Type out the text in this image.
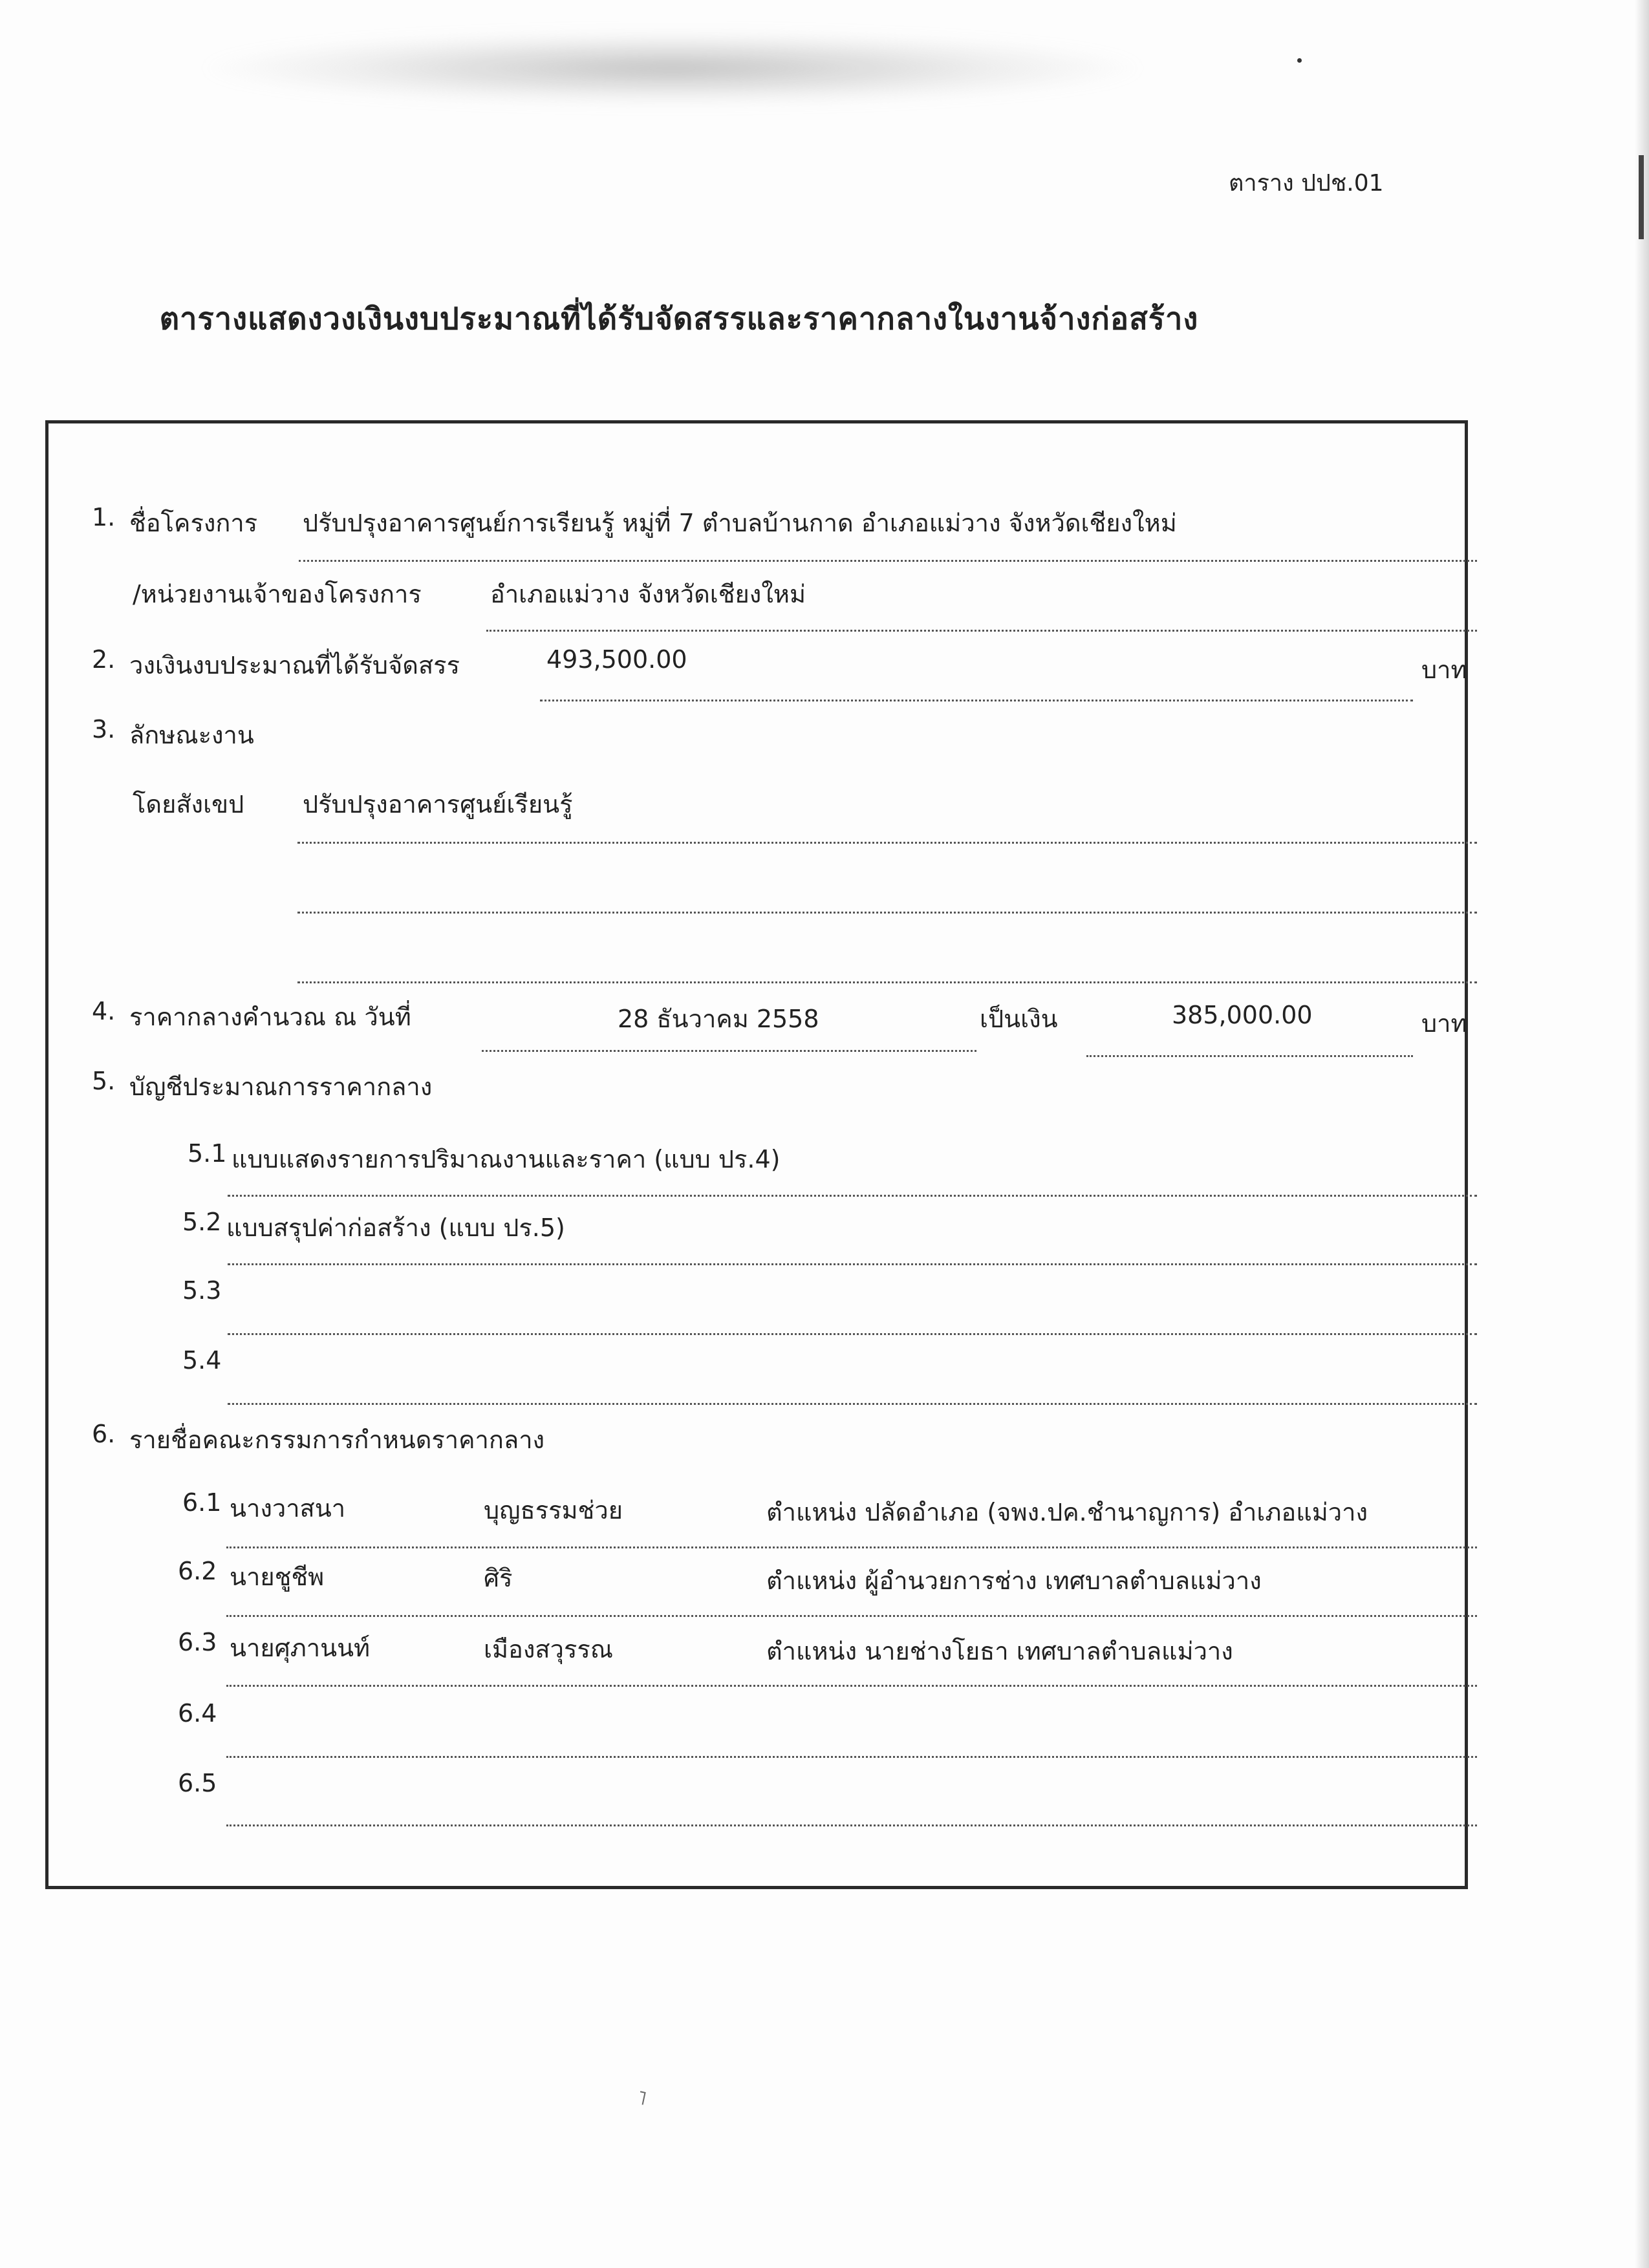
˥
ตาราง ปปช.01
ตารางแสดงวงเงินงบประมาณที่ได้รับจัดสรรและราคากลางในงานจ้างก่อสร้าง
1. ชื่อโครงการ ปรับปรุงอาคารศูนย์การเรียนรู้ หมู่ที่ 7 ตำบลบ้านกาด อำเภอแม่วาง จังหวัดเชียงใหม่
/หน่วยงานเจ้าของโครงการ	อำเภอแม่วาง จังหวัดเชียงใหม่
2. วงเงินงบประมาณที่ได้รับจัดสรร	493,500.00	บาท
3. ลักษณะงาน
โดยสังเขป ปรับปรุงอาคารศูนย์เรียนรู้
4. ราคากลางคำนวณ ณ วันที่	28 ธันวาคม 2558	เป็นเงิน	385,000.00	บาท
5. บัญชีประมาณการราคากลาง
5.1 แบบแสดงรายการปริมาณงานและราคา (แบบ ปร.4)
5.2 แบบสรุปค่าก่อสร้าง (แบบ ปร.5)
5.3
5.4
6. รายชื่อคณะกรรมการกำหนดราคากลาง
6.1 นางวาสนา	บุญธรรมช่วย	ตำแหน่ง ปลัดอำเภอ (จพง.ปค.ชำนาญการ) อำเภอแม่วาง
6.2 นายชูชีพ	ศิริ	ตำแหน่ง ผู้อำนวยการช่าง เทศบาลตำบลแม่วาง
6.3 นายศุภานนท์	เมืองสวุรรณ	ตำแหน่ง นายช่างโยธา เทศบาลตำบลแม่วาง
6.4
6.5
